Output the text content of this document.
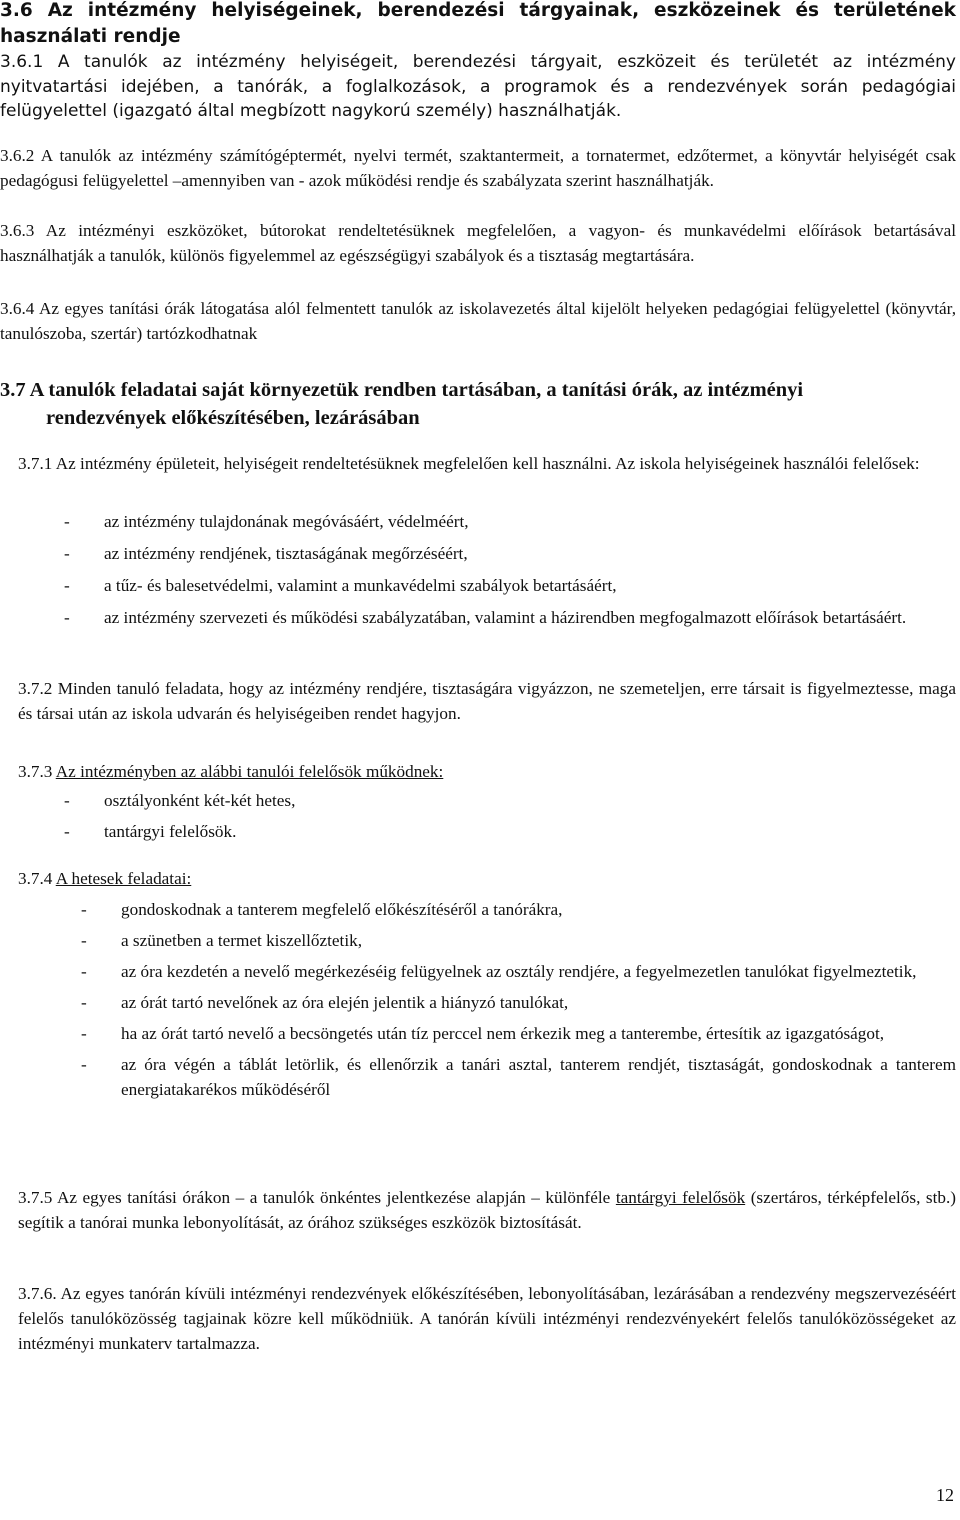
3.6 Az intézmény helyiségeinek, berendezési tárgyainak, eszközeinek és területének használati rendje
3.6.1 A tanulók az intézmény helyiségeit, berendezési tárgyait, eszközeit és területét az intézmény nyitvatartási idejében, a tanórák, a foglalkozások, a programok és a rendezvények során pedagógiai felügyelettel (igazgató által megbízott nagykorú személy) használhatják.
3.6.2 A tanulók az intézmény számítógéptermét, nyelvi termét, szaktantermeit, a tornatermet, edzőtermet, a könyvtár helyiségét csak pedagógusi felügyelettel –amennyiben van - azok működési rendje és szabályzata szerint használhatják.
3.6.3 Az intézményi eszközöket, bútorokat rendeltetésüknek megfelelően, a vagyon- és munkavédelmi előírások betartásával használhatják a tanulók, különös figyelemmel az egészségügyi szabályok és a tisztaság megtartására.
3.6.4 Az egyes tanítási órák látogatása alól felmentett tanulók az iskolavezetés által kijelölt helyeken pedagógiai felügyelettel (könyvtár, tanulószoba, szertár) tartózkodhatnak
3.7 A tanulók feladatai saját környezetük rendben tartásában, a tanítási órák, az intézményi
rendezvények előkészítésében, lezárásában
3.7.1 Az intézmény épületeit, helyiségeit rendeltetésüknek megfelelően kell használni. Az iskola helyiségeinek használói felelősek:
- az intézmény tulajdonának megóvásáért, védelméért,
- az intézmény rendjének, tisztaságának megőrzéséért,
- a tűz- és balesetvédelmi, valamint a munkavédelmi szabályok betartásáért,
- az intézmény szervezeti és működési szabályzatában, valamint a házirendben megfogalmazott előírások betartásáért.
3.7.2 Minden tanuló feladata, hogy az intézmény rendjére, tisztaságára vigyázzon, ne szemeteljen, erre társait is figyelmeztesse, maga és társai után az iskola udvarán és helyiségeiben rendet hagyjon.
3.7.3 Az intézményben az alábbi tanulói felelősök működnek:
- osztályonként két-két hetes,
- tantárgyi felelősök.
3.7.4 A hetesek feladatai:
- gondoskodnak a tanterem megfelelő előkészítéséről a tanórákra,
- a szünetben a termet kiszellőztetik,
- az óra kezdetén a nevelő megérkezéséig felügyelnek az osztály rendjére, a fegyelmezetlen tanulókat figyelmeztetik,
- az órát tartó nevelőnek az óra elején jelentik a hiányzó tanulókat,
- ha az órát tartó nevelő a becsöngetés után tíz perccel nem érkezik meg a tanterembe, értesítik az igazgatóságot,
- az óra végén a táblát letörlik, és ellenőrzik a tanári asztal, tanterem rendjét, tisztaságát, gondoskodnak a tanterem energiatakarékos működéséről
3.7.5 Az egyes tanítási órákon – a tanulók önkéntes jelentkezése alapján – különféle tantárgyi felelősök (szertáros, térképfelelős, stb.) segítik a tanórai munka lebonyolítását, az órához szükséges eszközök biztosítását.
3.7.6. Az egyes tanórán kívüli intézményi rendezvények előkészítésében, lebonyolításában, lezárásában a rendezvény megszervezéséért felelős tanulóközösség tagjainak közre kell működniük. A tanórán kívüli intézményi rendezvényekért felelős tanulóközösségeket az intézményi munkaterv tartalmazza.
12
